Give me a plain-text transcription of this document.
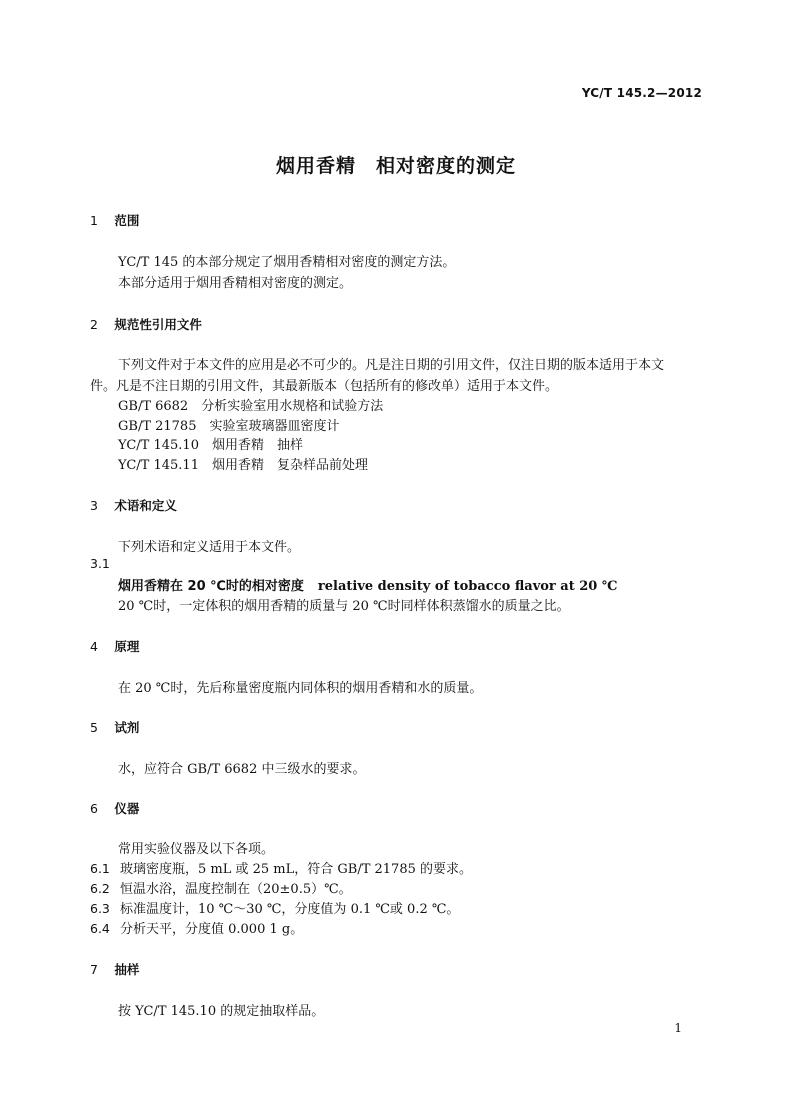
YC/T 145.2—2012
烟用香精　相对密度的测定
1 范围
YC/T 145 的本部分规定了烟用香精相对密度的测定方法。
本部分适用于烟用香精相对密度的测定。
2 规范性引用文件
下列文件对于本文件的应用是必不可少的。凡是注日期的引用文件，仅注日期的版本适用于本文
件。凡是不注日期的引用文件，其最新版本（包括所有的修改单）适用于本文件。
GB/T 6682　分析实验室用水规格和试验方法
GB/T 21785　实验室玻璃器皿密度计
YC/T 145.10　烟用香精　抽样
YC/T 145.11　烟用香精　复杂样品前处理
3 术语和定义
下列术语和定义适用于本文件。
3.1
烟用香精在 20 ℃时的相对密度 relative density of tobacco flavor at 20 ℃
20 ℃时，一定体积的烟用香精的质量与 20 ℃时同样体积蒸馏水的质量之比。
4 原理
在 20 ℃时，先后称量密度瓶内同体积的烟用香精和水的质量。
5 试剂
水，应符合 GB/T 6682 中三级水的要求。
6 仪器
常用实验仪器及以下各项。
6.1 玻璃密度瓶，5 mL 或 25 mL，符合 GB/T 21785 的要求。
6.2 恒温水浴，温度控制在（20±0.5）℃。
6.3 标准温度计，10 ℃～30 ℃，分度值为 0.1 ℃或 0.2 ℃。
6.4 分析天平，分度值 0.000 1 g。
7 抽样
按 YC/T 145.10 的规定抽取样品。
1
